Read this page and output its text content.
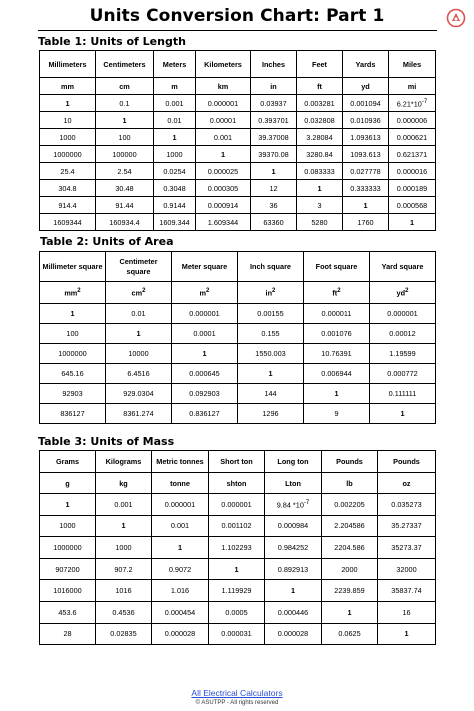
Units Conversion Chart: Part 1
Table 1: Units of Length
Millimeters	Centimeters	Meters	Kilometers	Inches	Feet	Yards	Miles
mm	cm	m	km	in	ft	yd	mi
1	0.1	0.001	0.000001	0.03937	0.003281	0.001094	$6.21*10^{-7}$
10	1	0.01	0.00001	0.393701	0.032808	0.010936	0.000006
1000	100	1	0.001	39.37008	3.28084	1.093613	0.000621
1000000	100000	1000	1	39370.08	3280.84	1093.613	0.621371
25.4	2.54	0.0254	0.000025	1	0.083333	0.027778	0.000016
304.8	30.48	0.3048	0.000305	12	1	0.333333	0.000189
914.4	91.44	0.9144	0.000914	36	3	1	0.000568
1609344	160934.4	1609.344	1.609344	63360	5280	1760	1
Table 2: Units of Area
Millimeter square	Centimeter square	Meter square	Inch square	Foot square	Yard square
$mm^2$	$cm^2$	$m^2$	$in^2$	$ft^2$	$yd^2$
1	0.01	0.000001	0.00155	0.000011	0.000001
100	1	0.0001	0.155	0.001076	0.00012
1000000	10000	1	1550.003	10.76391	1.19599
645.16	6.4516	0.000645	1	0.006944	0.000772
92903	929.0304	0.092903	144	1	0.111111
836127	8361.274	0.836127	1296	9	1
Table 3: Units of Mass
Grams	Kilograms	Metric tonnes	Short ton	Long ton	Pounds	Pounds
g	kg	tonne	shton	Lton	lb	oz
1	0.001	0.000001	0.000001	9.84 $*10^{-7}$	0.002205	0.035273
1000	1	0.001	0.001102	0.000984	2.204586	35.27337
1000000	1000	1	1.102293	0.984252	2204.586	35273.37
907200	907.2	0.9072	1	0.892913	2000	32000
1016000	1016	1.016	1.119929	1	2239.859	35837.74
453.6	0.4536	0.000454	0.0005	0.000446	1	16
28	0.02835	0.000028	0.000031	0.000028	0.0625	1
All Electrical Calculators
© ASUTPP - All rights reserved
